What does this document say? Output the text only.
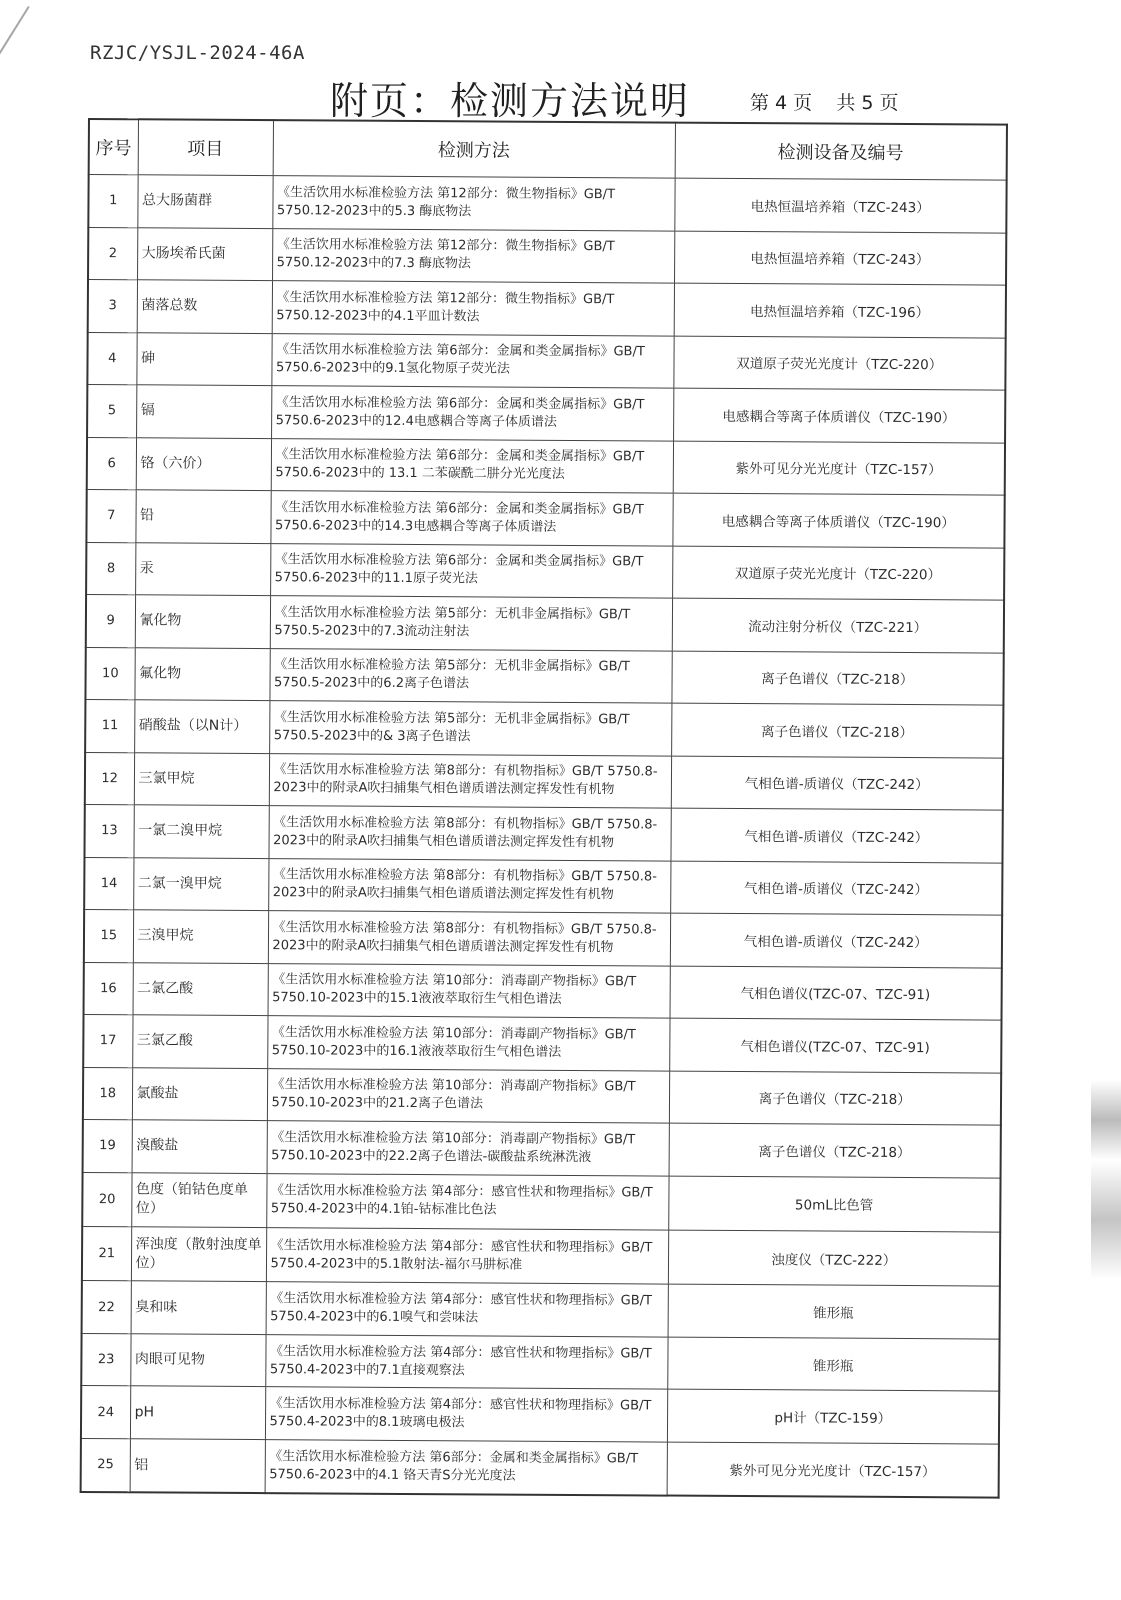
RZJC/YSJL-2024-46A
附页：检测方法说明	第 4 页    共 5 页
序号	项目	检测方法	检测设备及编号
1	总大肠菌群	《生活饮用水标准检验方法 第12部分：微生物指标》GB/T 5750.12-2023中的5.3 酶底物法	电热恒温培养箱（TZC-243）
2	大肠埃希氏菌	《生活饮用水标准检验方法 第12部分：微生物指标》GB/T 5750.12-2023中的7.3 酶底物法	电热恒温培养箱（TZC-243）
3	菌落总数	《生活饮用水标准检验方法 第12部分：微生物指标》GB/T 5750.12-2023中的4.1平皿计数法	电热恒温培养箱（TZC-196）
4	砷	《生活饮用水标准检验方法 第6部分：金属和类金属指标》GB/T 5750.6-2023中的9.1氢化物原子荧光法	双道原子荧光光度计（TZC-220）
5	镉	《生活饮用水标准检验方法 第6部分：金属和类金属指标》GB/T 5750.6-2023中的12.4电感耦合等离子体质谱法	电感耦合等离子体质谱仪（TZC-190）
6	铬（六价）	《生活饮用水标准检验方法 第6部分：金属和类金属指标》GB/T 5750.6-2023中的 13.1 二苯碳酰二肼分光光度法	紫外可见分光光度计（TZC-157）
7	铅	《生活饮用水标准检验方法 第6部分：金属和类金属指标》GB/T 5750.6-2023中的14.3电感耦合等离子体质谱法	电感耦合等离子体质谱仪（TZC-190）
8	汞	《生活饮用水标准检验方法 第6部分：金属和类金属指标》GB/T 5750.6-2023中的11.1原子荧光法	双道原子荧光光度计（TZC-220）
9	氰化物	《生活饮用水标准检验方法 第5部分：无机非金属指标》GB/T 5750.5-2023中的7.3流动注射法	流动注射分析仪（TZC-221）
10	氟化物	《生活饮用水标准检验方法 第5部分：无机非金属指标》GB/T 5750.5-2023中的6.2离子色谱法	离子色谱仪（TZC-218）
11	硝酸盐（以N计）	《生活饮用水标准检验方法 第5部分：无机非金属指标》GB/T 5750.5-2023中的& 3离子色谱法	离子色谱仪（TZC-218）
12	三氯甲烷	《生活饮用水标准检验方法 第8部分：有机物指标》GB/T 5750.8-2023中的附录A吹扫捕集气相色谱质谱法测定挥发性有机物	气相色谱-质谱仪（TZC-242）
13	一氯二溴甲烷	《生活饮用水标准检验方法 第8部分：有机物指标》GB/T 5750.8-2023中的附录A吹扫捕集气相色谱质谱法测定挥发性有机物	气相色谱-质谱仪（TZC-242）
14	二氯一溴甲烷	《生活饮用水标准检验方法 第8部分：有机物指标》GB/T 5750.8-2023中的附录A吹扫捕集气相色谱质谱法测定挥发性有机物	气相色谱-质谱仪（TZC-242）
15	三溴甲烷	《生活饮用水标准检验方法 第8部分：有机物指标》GB/T 5750.8-2023中的附录A吹扫捕集气相色谱质谱法测定挥发性有机物	气相色谱-质谱仪（TZC-242）
16	二氯乙酸	《生活饮用水标准检验方法 第10部分：消毒副产物指标》GB/T 5750.10-2023中的15.1液液萃取衍生气相色谱法	气相色谱仪(TZC-07、TZC-91)
17	三氯乙酸	《生活饮用水标准检验方法 第10部分：消毒副产物指标》GB/T 5750.10-2023中的16.1液液萃取衍生气相色谱法	气相色谱仪(TZC-07、TZC-91)
18	氯酸盐	《生活饮用水标准检验方法 第10部分：消毒副产物指标》GB/T 5750.10-2023中的21.2离子色谱法	离子色谱仪（TZC-218）
19	溴酸盐	《生活饮用水标准检验方法 第10部分：消毒副产物指标》GB/T 5750.10-2023中的22.2离子色谱法-碳酸盐系统淋洗液	离子色谱仪（TZC-218）
20	色度（铂钴色度单位）	《生活饮用水标准检验方法 第4部分：感官性状和物理指标》GB/T 5750.4-2023中的4.1铂-钴标准比色法	50mL比色管
21	浑浊度（散射浊度单位）	《生活饮用水标准检验方法 第4部分：感官性状和物理指标》GB/T 5750.4-2023中的5.1散射法-福尔马肼标准	浊度仪（TZC-222）
22	臭和味	《生活饮用水标准检验方法 第4部分：感官性状和物理指标》GB/T 5750.4-2023中的6.1嗅气和尝味法	锥形瓶
23	肉眼可见物	《生活饮用水标准检验方法 第4部分：感官性状和物理指标》GB/T 5750.4-2023中的7.1直接观察法	锥形瓶
24	pH	《生活饮用水标准检验方法 第4部分：感官性状和物理指标》GB/T 5750.4-2023中的8.1玻璃电极法	pH计（TZC-159）
25	铝	《生活饮用水标准检验方法 第6部分：金属和类金属指标》GB/T 5750.6-2023中的4.1 铬天青S分光光度法	紫外可见分光光度计（TZC-157）
